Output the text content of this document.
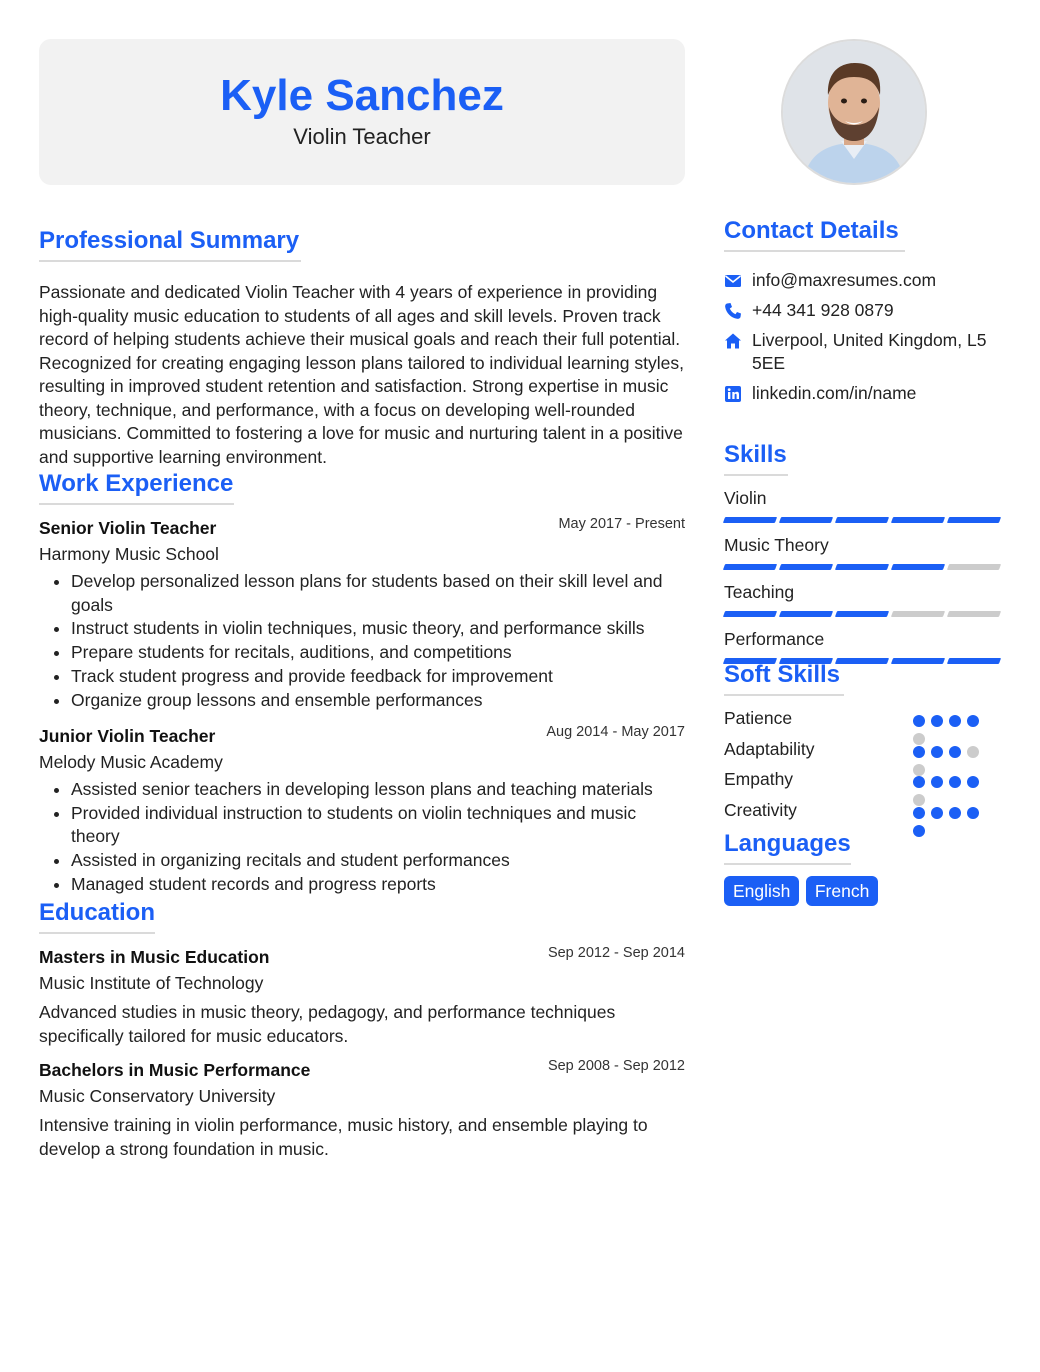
Kyle Sanchez
Violin Teacher
Professional Summary
Passionate and dedicated Violin Teacher with 4 years of experience in providing high-quality music education to students of all ages and skill levels. Proven track record of helping students achieve their musical goals and reach their full potential. Recognized for creating engaging lesson plans tailored to individual learning styles, resulting in improved student retention and satisfaction. Strong expertise in music theory, technique, and performance, with a focus on developing well-rounded musicians. Committed to fostering a love for music and nurturing talent in a positive and supportive learning environment.
Work Experience
Senior Violin Teacher	May 2017 - Present
Harmony Music School
• Develop personalized lesson plans for students based on their skill level and goals
• Instruct students in violin techniques, music theory, and performance skills
• Prepare students for recitals, auditions, and competitions
• Track student progress and provide feedback for improvement
• Organize group lessons and ensemble performances
Junior Violin Teacher	Aug 2014 - May 2017
Melody Music Academy
• Assisted senior teachers in developing lesson plans and teaching materials
• Provided individual instruction to students on violin techniques and music theory
• Assisted in organizing recitals and student performances
• Managed student records and progress reports
Education
Masters in Music Education	Sep 2012 - Sep 2014
Music Institute of Technology
Advanced studies in music theory, pedagogy, and performance techniques specifically tailored for music educators.
Bachelors in Music Performance	Sep 2008 - Sep 2012
Music Conservatory University
Intensive training in violin performance, music history, and ensemble playing to develop a strong foundation in music.
Contact Details
info@maxresumes.com
+44 341 928 0879
Liverpool, United Kingdom, L5 5EE
linkedin.com/in/name
Skills
Violin
Music Theory
Teaching
Performance
Soft Skills
Patience
Adaptability
Empathy
Creativity
Languages
English French
